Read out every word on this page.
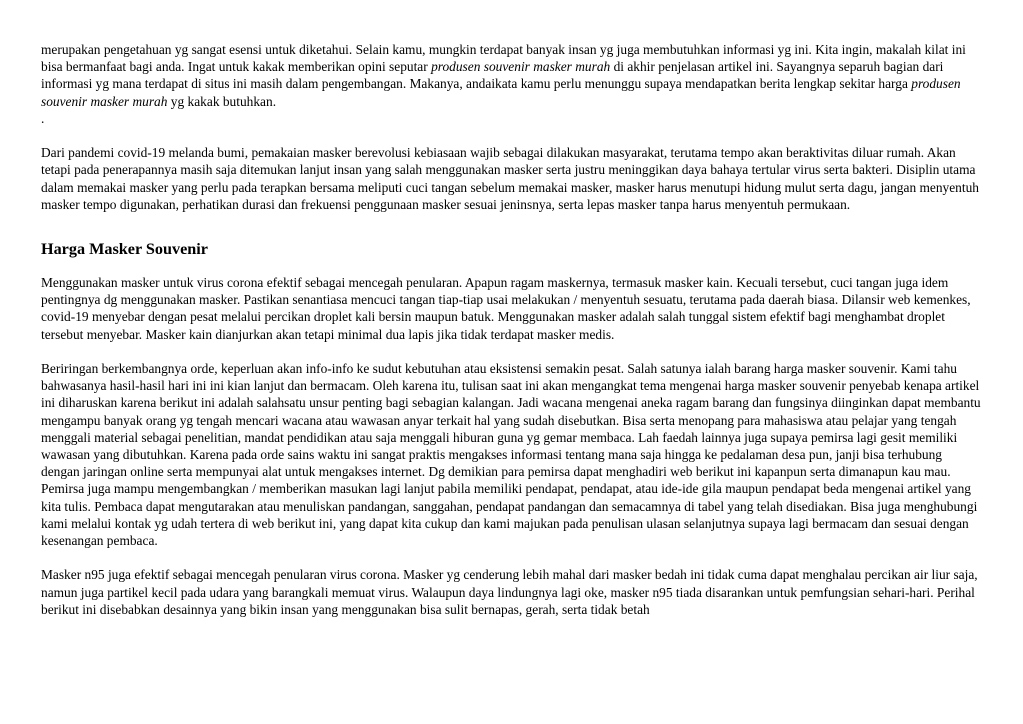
merupakan pengetahuan yg sangat esensi untuk diketahui. Selain kamu, mungkin terdapat banyak insan yg juga membutuhkan informasi yg ini. Kita ingin, makalah kilat ini bisa bermanfaat bagi anda. Ingat untuk kakak memberikan opini seputar produsen souvenir masker murah di akhir penjelasan artikel ini. Sayangnya separuh bagian dari informasi yg mana terdapat di situs ini masih dalam pengembangan. Makanya, andaikata kamu perlu menunggu supaya mendapatkan berita lengkap sekitar harga produsen souvenir masker murah yg kakak butuhkan.

.

Dari pandemi covid-19 melanda bumi, pemakaian masker berevolusi kebiasaan wajib sebagai dilakukan masyarakat, terutama tempo akan beraktivitas diluar rumah. Akan tetapi pada penerapannya masih saja ditemukan lanjut insan yang salah menggunakan masker serta justru meninggikan daya bahaya tertular virus serta bakteri. Disiplin utama dalam memakai masker yang perlu pada terapkan bersama meliputi cuci tangan sebelum memakai masker, masker harus menutupi hidung mulut serta dagu, jangan menyentuh masker tempo digunakan, perhatikan durasi dan frekuensi penggunaan masker sesuai jeninsnya, serta lepas masker tanpa harus menyentuh permukaan.

Harga Masker Souvenir

Menggunakan masker untuk virus corona efektif sebagai mencegah penularan. Apapun ragam maskernya, termasuk masker kain. Kecuali tersebut, cuci tangan juga idem pentingnya dg menggunakan masker. Pastikan senantiasa mencuci tangan tiap-tiap usai melakukan / menyentuh sesuatu, terutama pada daerah biasa. Dilansir web kemenkes, covid-19 menyebar dengan pesat melalui percikan droplet kali bersin maupun batuk. Menggunakan masker adalah salah tunggal sistem efektif bagi menghambat droplet tersebut menyebar. Masker kain dianjurkan akan tetapi minimal dua lapis jika tidak terdapat masker medis.

Beriringan berkembangnya orde, keperluan akan info-info ke sudut kebutuhan atau eksistensi semakin pesat. Salah satunya ialah barang harga masker souvenir. Kami tahu bahwasanya hasil-hasil hari ini ini kian lanjut dan bermacam. Oleh karena itu, tulisan saat ini akan mengangkat tema mengenai harga masker souvenir penyebab kenapa artikel ini diharuskan karena berikut ini adalah salahsatu unsur penting bagi sebagian kalangan. Jadi wacana mengenai aneka ragam barang dan fungsinya diinginkan dapat membantu mengampu banyak orang yg tengah mencari wacana atau wawasan anyar terkait hal yang sudah disebutkan. Bisa serta menopang para mahasiswa atau pelajar yang tengah menggali material sebagai penelitian, mandat pendidikan atau saja menggali hiburan guna yg gemar membaca. Lah faedah lainnya juga supaya pemirsa lagi gesit memiliki wawasan yang dibutuhkan. Karena pada orde sains waktu ini sangat praktis mengakses informasi tentang mana saja hingga ke pedalaman desa pun, janji bisa terhubung dengan jaringan online serta mempunyai alat untuk mengakses internet. Dg demikian para pemirsa dapat menghadiri web berikut ini kapanpun serta dimanapun kau mau. Pemirsa juga mampu mengembangkan / memberikan masukan lagi lanjut pabila memiliki pendapat, pendapat, atau ide-ide gila maupun pendapat beda mengenai artikel yang kita tulis. Pembaca dapat mengutarakan atau menuliskan pandangan, sanggahan, pendapat pandangan dan semacamnya di tabel yang telah disediakan. Bisa juga menghubungi kami melalui kontak yg udah tertera di web berikut ini, yang dapat kita cukup dan kami majukan pada penulisan ulasan selanjutnya supaya lagi bermacam dan sesuai dengan kesenangan pembaca.

Masker n95 juga efektif sebagai mencegah penularan virus corona. Masker yg cenderung lebih mahal dari masker bedah ini tidak cuma dapat menghalau percikan air liur saja, namun juga partikel kecil pada udara yang barangkali memuat virus. Walaupun daya lindungnya lagi oke, masker n95 tiada disarankan untuk pemfungsian sehari-hari. Perihal berikut ini disebabkan desainnya yang bikin insan yang menggunakan bisa sulit bernapas, gerah, serta tidak betah
